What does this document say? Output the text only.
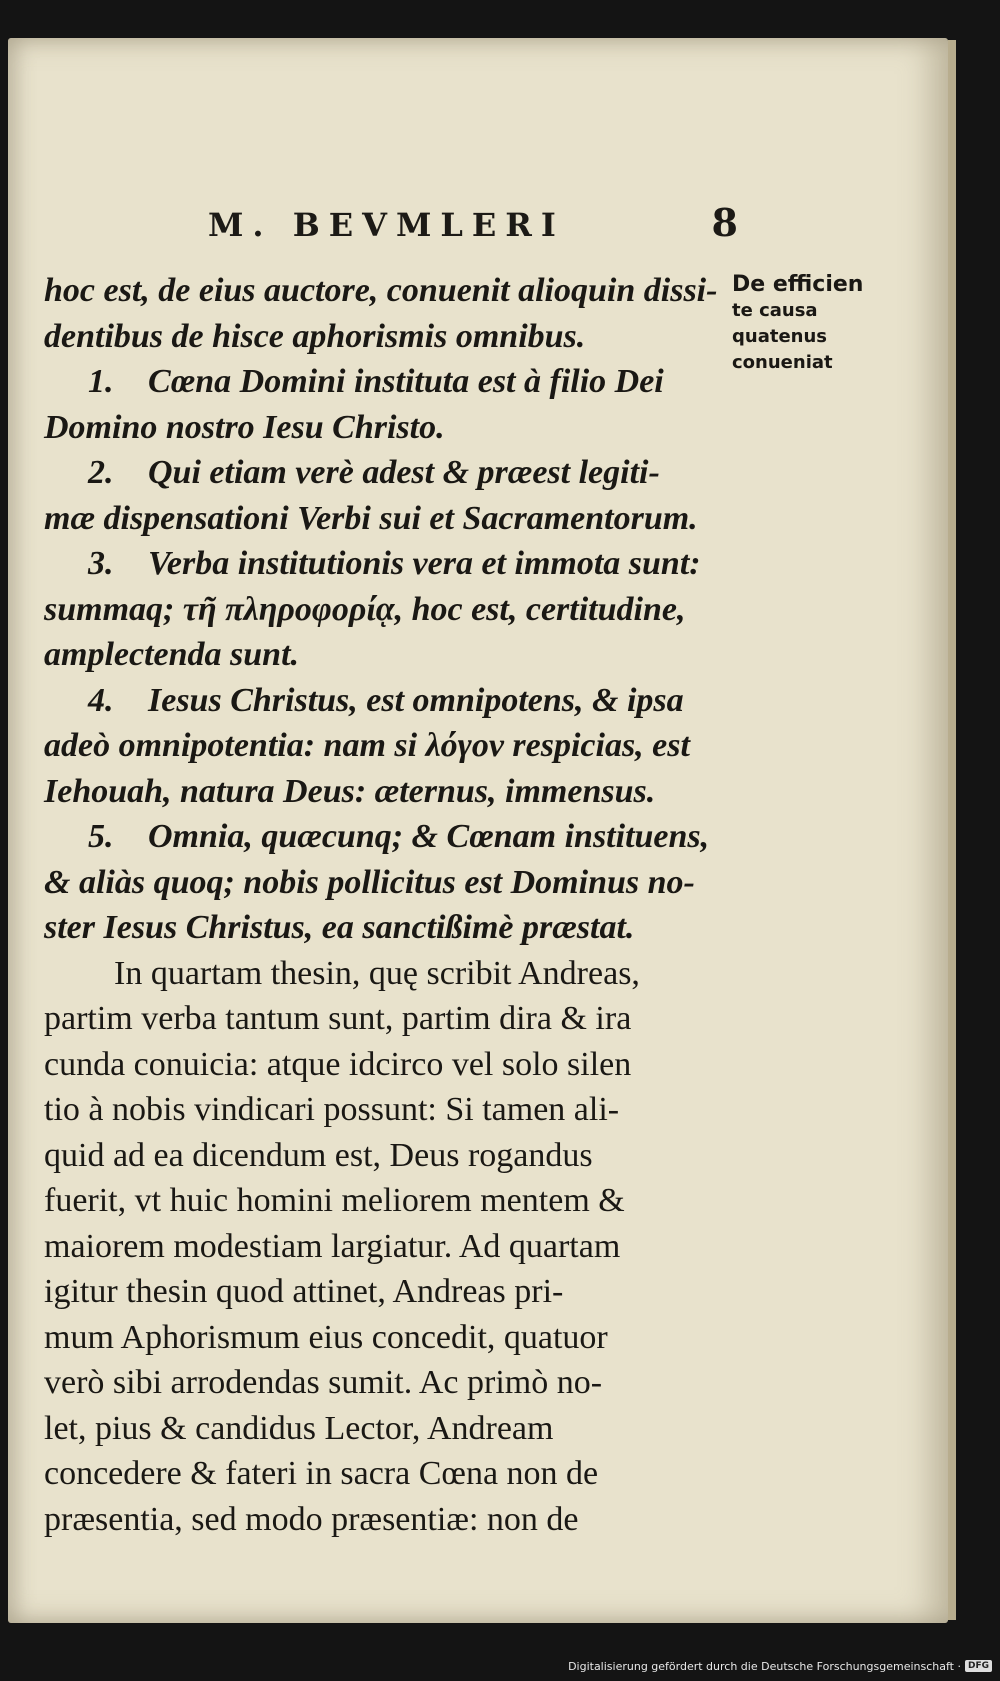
M. BEVMLERI	8
De efficien
te causa
quatenus
conueniat
hoc est, de eius auctore, conuenit alioquin dissi-
dentibus de hisce aphorismis omnibus.
1. Cœna Domini instituta est à filio Dei
Domino nostro Iesu Christo.
2. Qui etiam verè adest & præest legiti-
mæ dispensationi Verbi sui et Sacramentorum.
3. Verba institutionis vera et immota sunt:
summaq; τῆ πληροφορίᾳ, hoc est, certitudine,
amplectenda sunt.
4. Iesus Christus, est omnipotens, & ipsa
adeò omnipotentia: nam si λόγον respicias, est
Iehouah, natura Deus: æternus, immensus.
5. Omnia, quæcunq; & Cœnam instituens,
& aliàs quoq; nobis pollicitus est Dominus no-
ster Iesus Christus, ea sanctißimè præstat.
In quartam thesin, quę scribit Andreas,
partim verba tantum sunt, partim dira & ira
cunda conuicia: atque idcirco vel solo silen
tio à nobis vindicari possunt: Si tamen ali-
quid ad ea dicendum est, Deus rogandus
fuerit, vt huic homini meliorem mentem &
maiorem modestiam largiatur. Ad quartam
igitur thesin quod attinet, Andreas pri-
mum Aphorismum eius concedit, quatuor
verò sibi arrodendas sumit. Ac primò no-
let, pius & candidus Lector, Andream
concedere & fateri in sacra Cœna non de
præsentia, sed modo præsentiæ: non de
Digitalisierung gefördert durch die Deutsche Forschungsgemeinschaft · DFG
